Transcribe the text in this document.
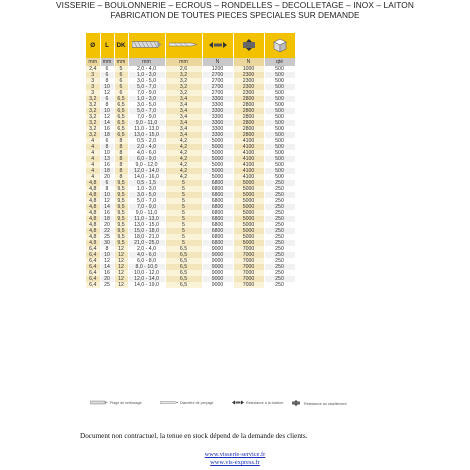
VISSERIE – BOULONNERIE – ECROUS – RONDELLES – DECOLLETAGE – INOX – LAITON
FABRICATION DE TOUTES PIECES SPECIALES SUR DEMANDE
Ø	L	DK					
mm	mm	mm	mm	mm	N	N	qté
2,4	6	5	2,0 - 4,0	2,6	1200	1000	500
3	6	6	1,0 - 3,0	3,2	2700	2300	500
3	8	6	3,0 - 5,0	3,2	2700	2300	500
3	10	6	5,0 - 7,0	3,2	2700	2300	500
3	12	6	7,0 - 9,0	3,2	2700	2300	500
3,2	6	6,5	1,0 - 3,0	3,4	3300	2800	500
3,2	8	6,5	3,0 - 5,0	3,4	3300	2800	500
3,2	10	6,5	5,0 - 7,0	3,4	3300	2800	500
3,2	12	6,5	7,0 - 9,0	3,4	3300	2800	500
3,2	14	6,5	9,0 - 11,0	3,4	3300	2800	500
3,2	16	6,5	11,0 - 13,0	3,4	3300	2800	500
3,2	18	6,5	13,0 - 15,0	3,4	3300	2800	500
4	6	8	0,5 - 2,0	4,2	5000	4100	500
4	8	8	2,0 - 4,0	4,2	5000	4100	500
4	10	8	4,0 - 6,0	4,2	5000	4100	500
4	13	8	6,0 - 9,0	4,2	5000	4100	500
4	16	8	9,0 - 12,0	4,2	5000	4100	500
4	18	8	12,0 - 14,0	4,2	5000	4100	500
4	20	8	14,0 - 16,0	4,2	5000	4100	500
4,8	6	9,5	0,5 - 1,5	5	6800	5000	250
4,8	8	9,5	1,0 - 3,0	5	6800	5000	250
4,8	10	9,5	3,0 - 5,0	5	6800	5000	250
4,8	12	9,5	5,0 - 7,0	5	6800	5000	250
4,8	14	9,5	7,0 - 9,0	5	6800	5000	250
4,8	16	9,5	9,0 - 11,0	5	6800	5000	250
4,8	18	9,5	11,0 - 13,0	5	6800	5000	250
4,8	20	9,5	13,0 - 15,0	5	6800	5000	250
4,8	22	9,5	15,0 - 18,0	5	6800	5000	250
4,8	25	9,5	18,0 - 21,0	5	6800	5000	250
4,8	30	9,5	21,0 - 25,0	5	6800	5000	250
6,4	8	12	2,0 - 4,0	6,5	9000	7000	250
6,4	10	12	4,0 - 6,0	6,5	9000	7000	250
6,4	12	12	6,0 - 8,0	6,5	9000	7000	250
6,4	14	12	8,0 - 10,0	6,5	9000	7000	250
6,4	16	12	10,0 - 12,0	6,5	9000	7000	250
6,4	20	12	12,0 - 14,0	6,5	9000	7000	250
6,4	25	12	14,0 - 19,0	6,5	9000	7000	250
Plage de sertissage	Diamètre de perçage	Résistance à la traction	Résistance au cisaillement
Document non contractuel, la tenue en stock dépend de la demande des clients.
www.visserie-service.fr
www.vis-express.fr
